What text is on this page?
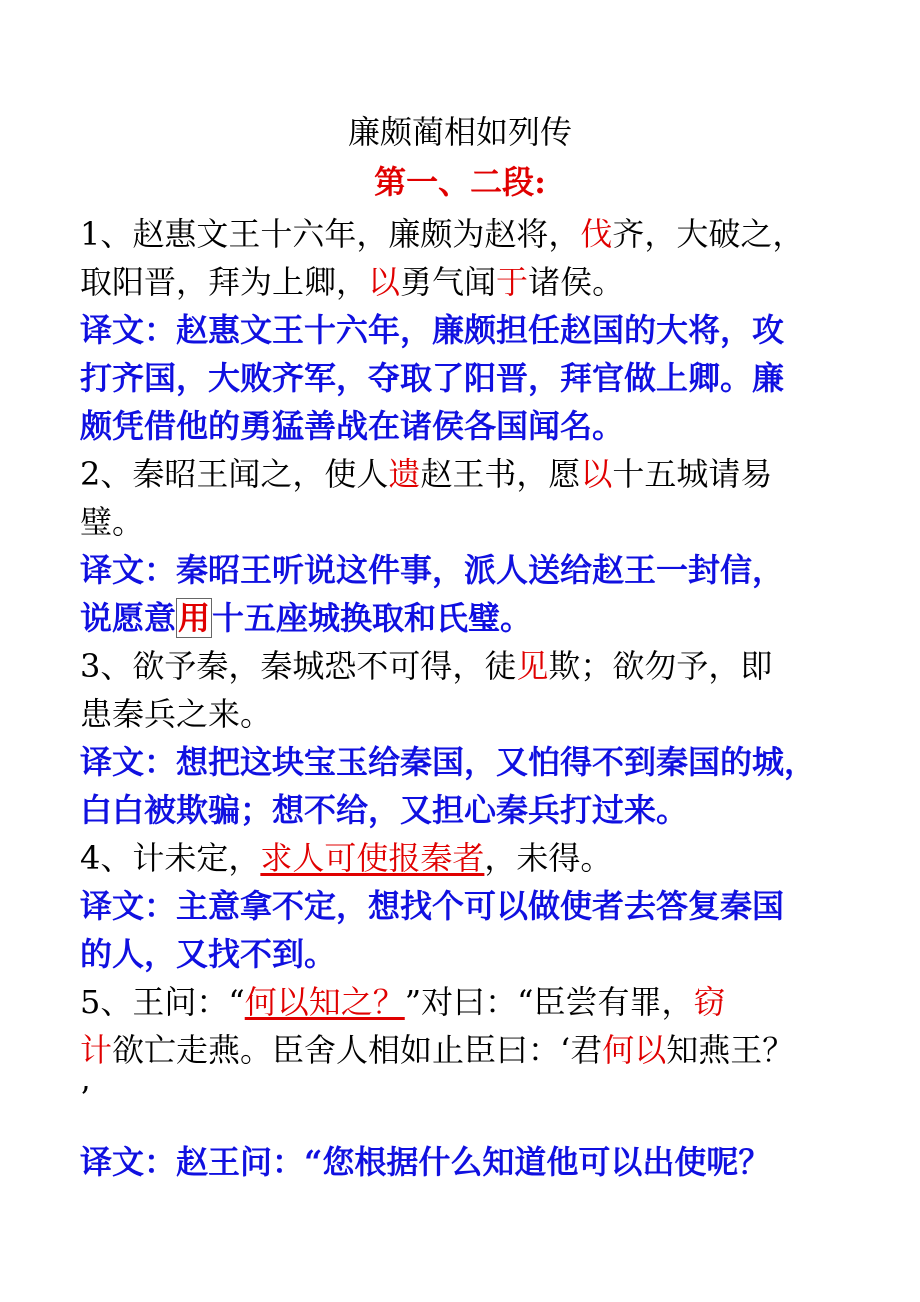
廉颇蔺相如列传
第一、二段:
1、赵惠文王十六年，廉颇为赵将，伐齐，大破之，
取阳晋，拜为上卿，以勇气闻于诸侯。
译文：赵惠文王十六年，廉颇担任赵国的大将，攻
打齐国，大败齐军，夺取了阳晋，拜官做上卿。廉
颇凭借他的勇猛善战在诸侯各国闻名。
2、秦昭王闻之，使人遗赵王书，愿以十五城请易
璧。
译文：秦昭王听说这件事，派人送给赵王一封信，
说愿意用十五座城换取和氏璧。
3、欲予秦，秦城恐不可得，徒见欺；欲勿予，即
患秦兵之来。
译文：想把这块宝玉给秦国，又怕得不到秦国的城，
白白被欺骗；想不给，又担心秦兵打过来。
4、计未定，求人可使报秦者，未得。
译文：主意拿不定，想找个可以做使者去答复秦国
的人，又找不到。
5、王问：“何以知之？”对曰：“臣尝有罪，窃
计欲亡走燕。臣舍人相如止臣曰：‘君何以知燕王？
’
译文：赵王问：“您根据什么知道他可以出使呢？
